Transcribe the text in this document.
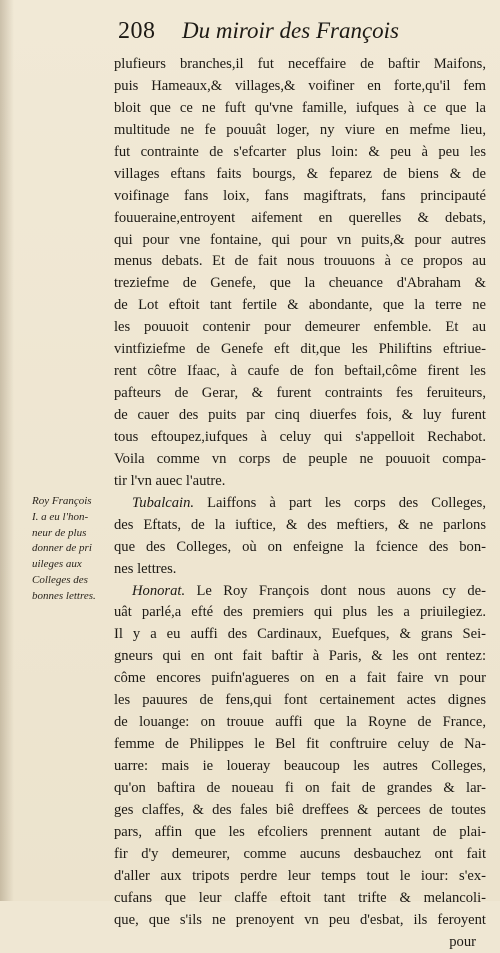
208 Du miroir des François
plufieurs branches,il fut neceffaire de baftir Maifons,
puis Hameaux,& villages,& voifiner en forte,qu'il fem
bloit que ce ne fuft qu'vne famille, iufques à ce que la
multitude ne fe pouuât loger, ny viure en mefme lieu,
fut contrainte de s'efcarter plus loin: & peu à peu les
villages eftans faits bourgs, & feparez de biens & de
voifinage fans loix, fans magiftrats, fans principauté
fouueraine,entroyent aifement en querelles & debats,
qui pour vne fontaine, qui pour vn puits,& pour autres
menus debats. Et de fait nous trouuons à ce propos au
treziefme de Genefe, que la cheuance d'Abraham &
de Lot eftoit tant fertile & abondante, que la terre ne
les pouuoit contenir pour demeurer enfemble. Et au
vintfiziefme de Genefe eft dit,que les Philiftins eftriue-
rent côtre Ifaac, à caufe de fon beftail,côme firent les
pafteurs de Gerar, & furent contraints fes feruiteurs,
de cauer des puits par cinq diuerfes fois, & luy furent
tous eftoupez,iufques à celuy qui s'appelloit Rechabot.
Voila comme vn corps de peuple ne pouuoit compa-
tir l'vn auec l'autre.
Tubalcain. Laiffons à part les corps des Colleges,
des Eftats, de la iuftice, & des meftiers, & ne parlons
que des Colleges, où on enfeigne la fcience des bon-
nes lettres.
Honorat. Le Roy François dont nous auons cy de-
uât parlé,a efté des premiers qui plus les a priuilegiez.
Il y a eu auffi des Cardinaux, Euefques, & grans Sei-
gneurs qui en ont fait baftir à Paris, & les ont rentez:
côme encores puifn'agueres on en a fait faire vn pour
les pauures de fens,qui font certainement actes dignes
de louange: on trouue auffi que la Royne de France,
femme de Philippes le Bel fit conftruire celuy de Na-
uarre: mais ie loueray beaucoup les autres Colleges,
qu'on baftira de noueau fi on fait de grandes & lar-
ges claffes, & des fales biê dreffees & percees de toutes
pars, affin que les efcoliers prennent autant de plai-
fir d'y demeurer, comme aucuns desbauchez ont fait
d'aller aux tripots perdre leur temps tout le iour: s'ex-
cufans que leur claffe eftoit tant trifte & melancoli-
que, que s'ils ne prenoyent vn peu d'esbat, ils feroyent
pour
Roy François
I. a eu l'hon-
neur de plus
donner de pri
uileges aux
Colleges des
bonnes lettres.
